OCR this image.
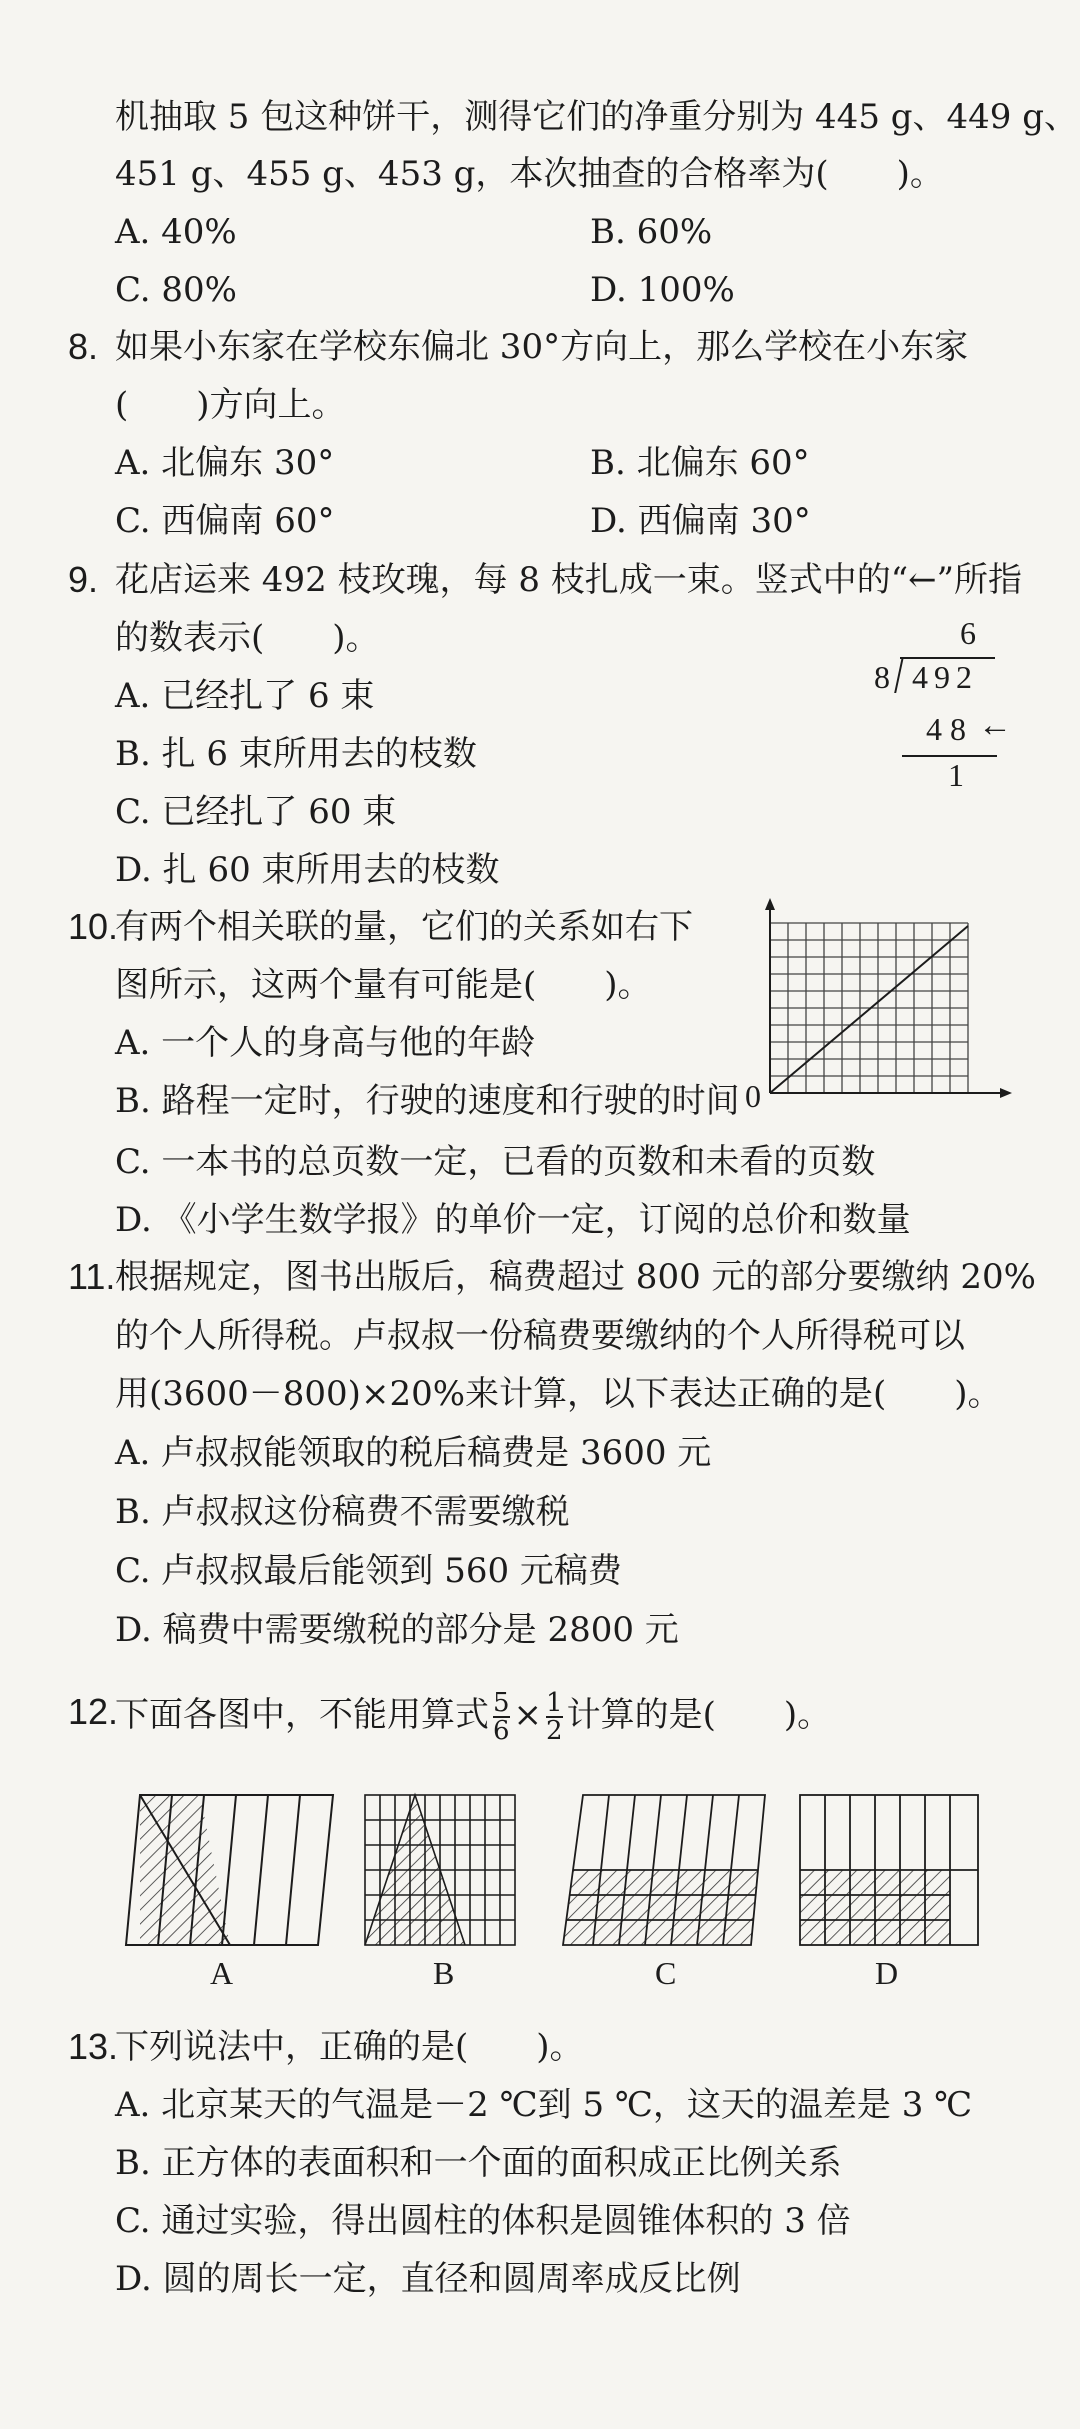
机抽取 5 包这种饼干，测得它们的净重分别为 445 g、449 g、
451 g、455 g、453 g，本次抽查的合格率为(　　)。
A. 40%	B. 60%
C. 80%	D. 100%
8. 如果小东家在学校东偏北 30°方向上，那么学校在小东家
(　　)方向上。
A. 北偏东 30°	B. 北偏东 60°
C. 西偏南 60°	D. 西偏南 30°
9. 花店运来 492 枝玫瑰，每 8 枝扎成一束。竖式中的“←”所指
的数表示(　　)。
A. 已经扎了 6 束
B. 扎 6 束所用去的枝数
C. 已经扎了 60 束
D. 扎 60 束所用去的枝数
6
8 492
48 ←
1
10.
有两个相关联的量，它们的关系如右下
图所示，这两个量有可能是(　　)。
A. 一个人的身高与他的年龄
B. 路程一定时，行驶的速度和行驶的时间
C. 一本书的总页数一定，已看的页数和未看的页数
D. 《小学生数学报》的单价一定，订阅的总价和数量
0
11. 根据规定，图书出版后，稿费超过 800 元的部分要缴纳 20%
的个人所得税。卢叔叔一份稿费要缴纳的个人所得税可以
用(3600－800)×20%来计算，以下表达正确的是(　　)。
A. 卢叔叔能领取的税后稿费是 3600 元
B. 卢叔叔这份稿费不需要缴税
C. 卢叔叔最后能领到 560 元稿费
D. 稿费中需要缴税的部分是 2800 元
12.
下面各图中，不能用算式 $\frac{5}{6} \times \frac{1}{2}$ 计算的是(　　)。
A	B	C	D
13.
下列说法中，正确的是(　　)。
A. 北京某天的气温是－2 ℃到 5 ℃，这天的温差是 3 ℃
B. 正方体的表面积和一个面的面积成正比例关系
C. 通过实验，得出圆柱的体积是圆锥体积的 3 倍
D. 圆的周长一定，直径和圆周率成反比例
